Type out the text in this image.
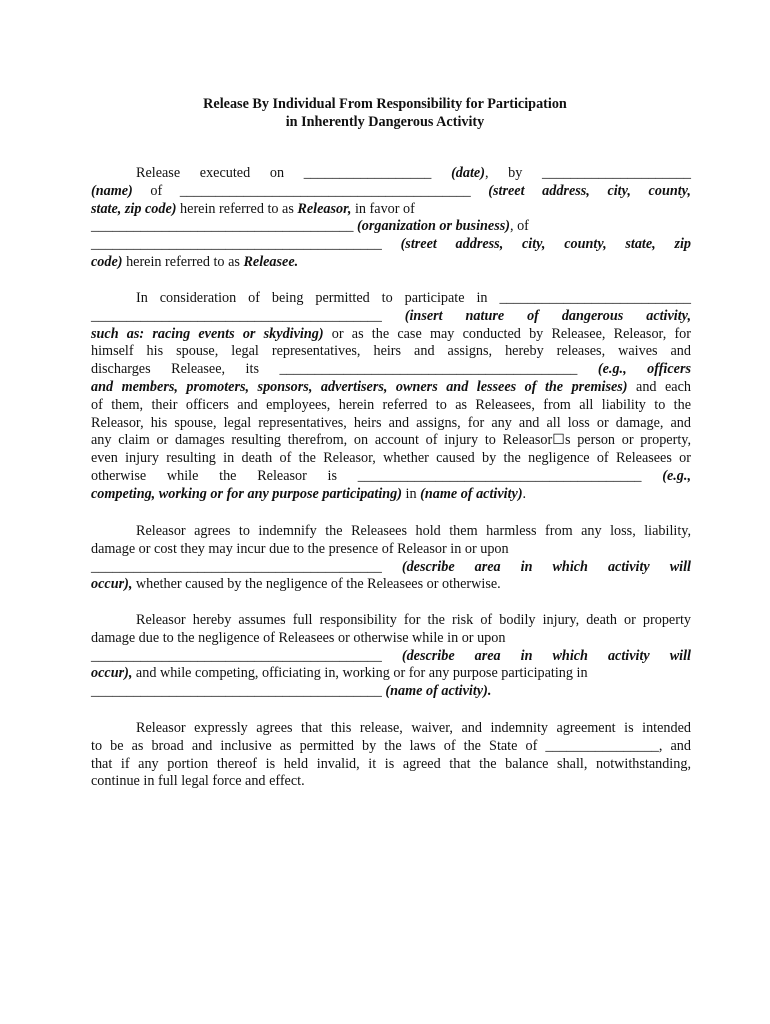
Release By Individual From Responsibility for Participation
in Inherently Dangerous Activity
Release executed on __________________ (date), by _____________________
(name) of _________________________________________ (street address, city, county,
state, zip code) herein referred to as Releasor, in favor of
_____________________________________ (organization or business), of
_________________________________________ (street address, city, county, state, zip
code) herein referred to as Releasee.
In consideration of being permitted to participate in ___________________________
_________________________________________ (insert nature of dangerous activity,
such as: racing events or skydiving) or as the case may conducted by Releasee, Releasor, for
himself his spouse, legal representatives, heirs and assigns, hereby releases, waives and
discharges Releasee, its __________________________________________ (e.g., officers
and members, promoters, sponsors, advertisers, owners and lessees of the premises) and each
of them, their officers and employees, herein referred to as Releasees, from all liability to the
Releasor, his spouse, legal representatives, heirs and assigns, for any and all loss or damage, and
any claim or damages resulting therefrom, on account of injury to Releasor☐s person or property,
even injury resulting in death of the Releasor, whether caused by the negligence of Releasees or
otherwise while the Releasor is ________________________________________ (e.g.,
competing, working or for any purpose participating) in (name of activity).
Releasor agrees to indemnify the Releasees hold them harmless from any loss, liability,
damage or cost they may incur due to the presence of Releasor in or upon
_________________________________________ (describe area in which activity will
occur), whether caused by the negligence of the Releasees or otherwise.
Releasor hereby assumes full responsibility for the risk of bodily injury, death or property
damage due to the negligence of Releasees or otherwise while in or upon
_________________________________________ (describe area in which activity will
occur), and while competing, officiating in, working or for any purpose participating in
_________________________________________ (name of activity).
Releasor expressly agrees that this release, waiver, and indemnity agreement is intended
to be as broad and inclusive as permitted by the laws of the State of ________________, and
that if any portion thereof is held invalid, it is agreed that the balance shall, notwithstanding,
continue in full legal force and effect.
